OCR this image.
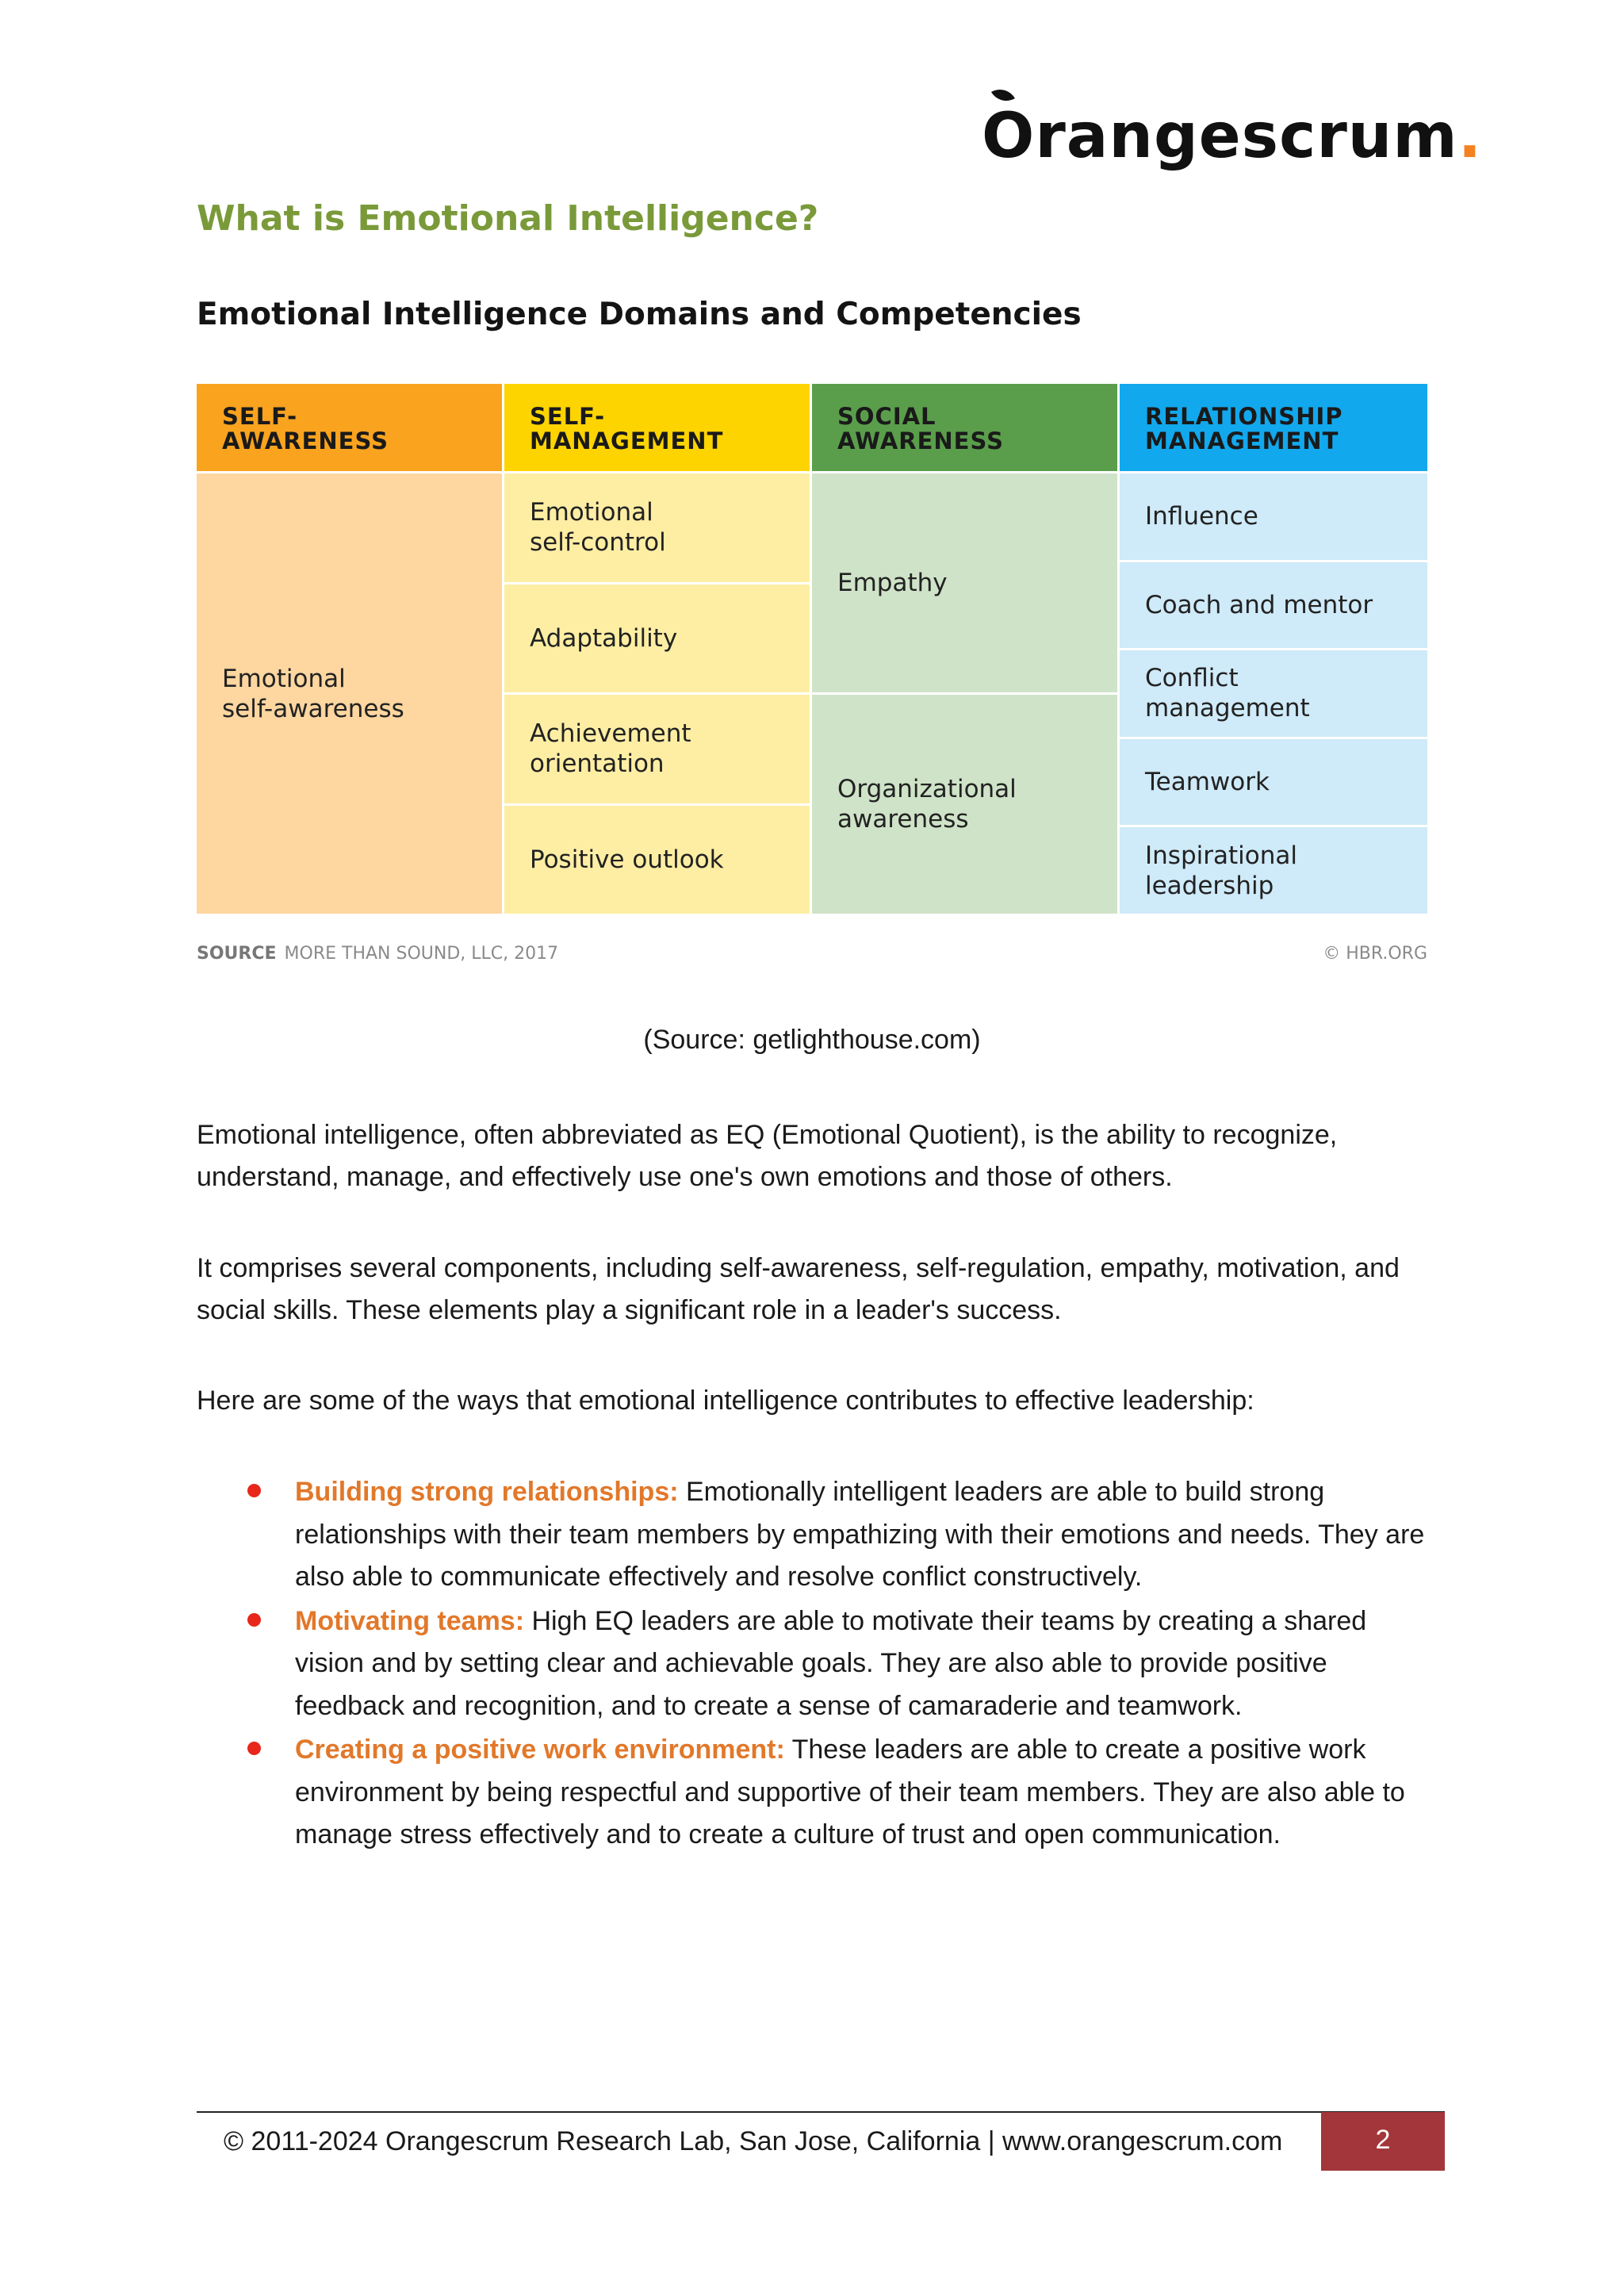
O rangescrum .
What is Emotional Intelligence?
Emotional Intelligence Domains and Competencies
SELF-
AWARENESS
SELF-
MANAGEMENT
SOCIAL
AWARENESS
RELATIONSHIP
MANAGEMENT
Emotional
self-awareness
Emotional
self-control
Adaptability
Achievement
orientation
Positive outlook
Empathy
Organizational
awareness
Influence
Coach and mentor
Conflict management
Teamwork
Inspirational
leadership
SOURCE MORE THAN SOUND, LLC, 2017	© HBR.ORG
(Source: getlighthouse.com)

Emotional intelligence, often abbreviated as EQ (Emotional Quotient), is the ability to recognize, understand, manage, and effectively use one's own emotions and those of others.

It comprises several components, including self-awareness, self-regulation, empathy, motivation, and social skills. These elements play a significant role in a leader's success.

Here are some of the ways that emotional intelligence contributes to effective leadership:

Building strong relationships: Emotionally intelligent leaders are able to build strong relationships with their team members by empathizing with their emotions and needs. They are also able to communicate effectively and resolve conflict constructively.
Motivating teams: High EQ leaders are able to motivate their teams by creating a shared vision and by setting clear and achievable goals. They are also able to provide positive feedback and recognition, and to create a sense of camaraderie and teamwork.
Creating a positive work environment: These leaders are able to create a positive work environment by being respectful and supportive of their team members. They are also able to manage stress effectively and to create a culture of trust and open communication.
© 2011-2024 Orangescrum Research Lab, San Jose, California | www.orangescrum.com	2
